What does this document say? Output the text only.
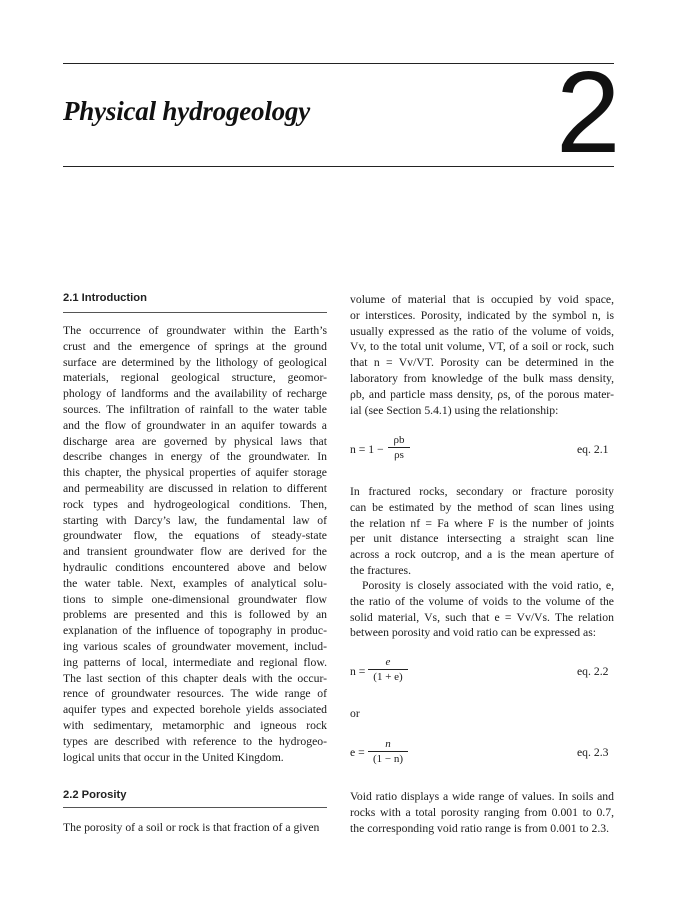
Physical hydrogeology 2
2.1 Introduction
The occurrence of groundwater within the Earth’s
crust and the emergence of springs at the ground
surface are determined by the lithology of geological
materials, regional geological structure, geomor-
phology of landforms and the availability of recharge
sources. The infiltration of rainfall to the water table
and the flow of groundwater in an aquifer towards a
discharge area are governed by physical laws that
describe changes in energy of the groundwater. In
this chapter, the physical properties of aquifer storage
and permeability are discussed in relation to different
rock types and hydrogeological conditions. Then,
starting with Darcy’s law, the fundamental law of
groundwater flow, the equations of steady-state
and transient groundwater flow are derived for the
hydraulic conditions encountered above and below
the water table. Next, examples of analytical solu-
tions to simple one-dimensional groundwater flow
problems are presented and this is followed by an
explanation of the influence of topography in produc-
ing various scales of groundwater movement, includ-
ing patterns of local, intermediate and regional flow.
The last section of this chapter deals with the occur-
rence of groundwater resources. The wide range of
aquifer types and expected borehole yields associated
with sedimentary, metamorphic and igneous rock
types are described with reference to the hydrogeo-
logical units that occur in the United Kingdom.
2.2 Porosity
The porosity of a soil or rock is that fraction of a given
volume of material that is occupied by void space,
or interstices. Porosity, indicated by the symbol n, is
usually expressed as the ratio of the volume of voids,
Vv, to the total unit volume, VT, of a soil or rock, such
that n = Vv/VT. Porosity can be determined in the
laboratory from knowledge of the bulk mass density,
ρb, and particle mass density, ρs, of the porous mater-
ial (see Section 5.4.1) using the relationship:
n = 1 −
ρb
ρs	eq. 2.1
In fractured rocks, secondary or fracture porosity
can be estimated by the method of scan lines using
the relation nf = Fa where F is the number of joints
per unit distance intersecting a straight scan line
across a rock outcrop, and a is the mean aperture of
the fractures.
Porosity is closely associated with the void ratio, e,
the ratio of the volume of voids to the volume of the
solid material, Vs, such that e = Vv/Vs. The relation
between porosity and void ratio can be expressed as:
n =
e
(1 + e)	eq. 2.2
or
e =
n
(1 − n)	eq. 2.3
Void ratio displays a wide range of values. In soils and
rocks with a total porosity ranging from 0.001 to 0.7,
the corresponding void ratio range is from 0.001 to 2.3.
